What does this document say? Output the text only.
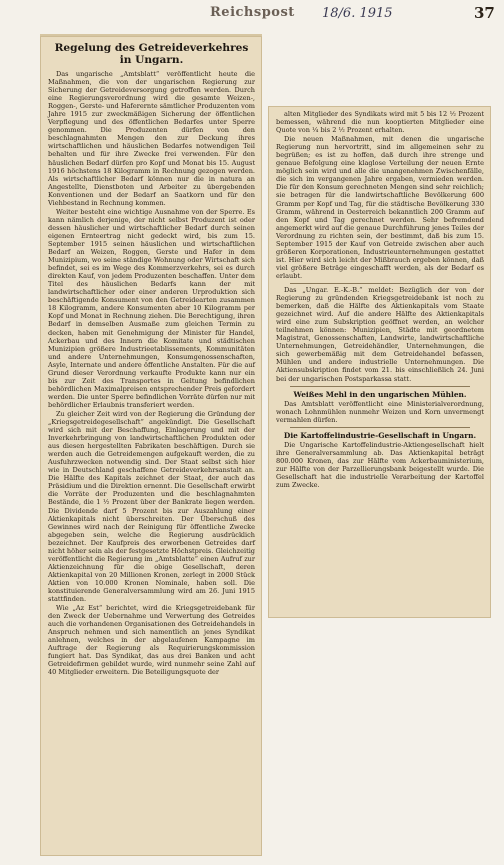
Reichspost 18/6. 1915	37
Regelung des Getreideverkehres in Ungarn.

Das ungarische „Amtsblatt“ veröffentlicht heute die Maßnahmen, die von der ungarischen Regierung zur Sicherung der Getreideversorgung getroffen werden. Durch eine Regierungsverordnung wird die gesamte Weizen-, Roggen-, Gerste- und Haferernte sämtlicher Produzenten vom Jahre 1915 zur zweckmäßigen Sicherung der öffentlichen Verpflegung und des öffentlichen Bedarfes unter Sperre genommen. Die Produzenten dürfen von den beschlagnahmten Mengen den zur Deckung ihres wirtschaftlichen und häuslichen Bedarfes notwendigen Teil behalten und für ihre Zwecke frei verwenden. Für den häuslichen Bedarf dürfen pro Kopf und Monat bis 15. August 1916 höchstens 18 Kilogramm in Rechnung gezogen werden. Als wirtschaftlicher Bedarf können nur die in natura an Angestellte, Dienstboten und Arbeiter zu übergebenden Konventionen und der Bedarf an Saatkorn und für den Viehbestand in Rechnung kommen.

Weiter besteht eine wichtige Ausnahme von der Sperre. Es kann nämlich derjenige, der nicht selbst Produzent ist oder dessen häuslicher und wirtschaftlicher Bedarf durch seinen eigenen Ernteertrag nicht gedeckt wird, bis zum 15. September 1915 seinen häuslichen und wirtschaftlichen Bedarf an Weizen, Roggen, Gerste und Hafer in dem Munizipium, wo seine ständige Wohnung oder Wirtschaft sich befindet, sei es im Wege des Kommerzverkehrs, sei es durch direkten Kauf, von jedem Produzenten beschaffen. Unter dem Titel des häuslichen Bedarfs kann der mit landwirtschaftlicher oder einer anderen Urproduktion sich beschäftigende Konsument von den Getreidearten zusammen 18 Kilogramm, andere Konsumenten aber 10 Kilogramm per Kopf und Monat in Rechnung ziehen. Die Berechtigung, ihren Bedarf in demselben Ausmaße zum gleichen Termin zu decken, haben mit Genehmigung der Minister für Handel, Ackerbau und des Innern die Komitate und städtischen Munizipien größere Industrieetablissements, Kommunitäten und andere Unternehmungen, Konsumgenossenschaften, Asyle, Internate und andere öffentliche Anstalten. Für die auf Grund dieser Verordnung verkaufte Produkte kann nur ein bis zur Zeit des Transportes in Geltung befindlichen behördlichen Maximalpreisen entsprechender Preis gefordert werden. Die unter Sperre befindlichen Vorräte dürfen nur mit behördlicher Erlaubnis transferiert werden.

Zu gleicher Zeit wird von der Regierung die Gründung der „Kriegsgetreidegesellschaft“ angekündigt. Die Gesellschaft wird sich mit der Beschaffung, Einlagerung und mit der Inverkehrbringung von landwirtschaftlichen Produkten oder aus diesen hergestellten Fabrikaten beschäftigen. Durch sie werden auch die Getreidemengen aufgekauft werden, die zu Ausfuhrzwecken notwendig sind. Der Staat selbst sich hier wie in Deutschland geschaffene Getreideverkehrsanstalt an. Die Hälfte des Kapitals zeichnet der Staat, der auch das Präsidium und die Direktion ernennt. Die Gesellschaft erwirbt die Vorräte der Produzenten und die beschlagnahmten Bestände, die 1 ½ Prozent über der Bankrate liegen werden. Die Dividende darf 5 Prozent bis zur Auszahlung einer Aktienkapitals nicht überschreiten. Der Überschuß des Gewinnes wird nach der Reinigung für öffentliche Zwecke abgegeben sein, welche die Regierung ausdrücklich bezeichnet. Der Kaufpreis des erworbenen Getreides darf nicht höher sein als der festgesetzte Höchstpreis. Gleichzeitig veröffentlicht die Regierung im „Amtsblatte“ einen Aufruf zur Aktienzeichnung für die obige Gesellschaft, deren Aktienkapital von 20 Millionen Kronen, zerlegt in 2000 Stück Aktien von 10.000 Kronen Nominale, haben soll. Die konstituierende Generalversammlung wird am 26. Juni 1915 stattfinden.

Wie „Az Est“ berichtet, wird die Kriegsgetreidebank für den Zweck der Uebernahme und Verwertung des Getreides auch die vorhandenen Organisationen des Getreidehandels in Anspruch nehmen und sich namentlich an jenes Syndikat anlehnen, welches in der abgelaufenen Kampagne im Auftrage der Regierung als Requirierungskommission fungiert hat. Das Syndikat, das aus drei Banken und acht Getreidefirmen gebildet wurde, wird nunmehr seine Zahl auf 40 Mitglieder erweitern. Die Beteiligungsquote der

alten Mitglieder des Syndikats wird mit 5 bis 12 ½ Prozent bemessen, während die nun kooptierten Mitglieder eine Quote von ¼ bis 2 ½ Prozent erhalten.

Die neuen Maßnahmen, mit denen die ungarische Regierung nun hervortritt, sind im allgemeinen sehr zu begrüßen; es ist zu hoffen, daß durch ihre strenge und genaue Befolgung eine klaglose Verteilung der neuen Ernte möglich sein wird und alle die unangenehmen Zwischenfälle, die sich im vergangenen Jahre ergaben, vermieden werden. Die für den Konsum gerechneten Mengen sind sehr reichlich; sie betragen für die landwirtschaftliche Bevölkerung 600 Gramm per Kopf und Tag, für die städtische Bevölkerung 330 Gramm, während in Oesterreich bekanntlich 200 Gramm auf den Kopf und Tag gerechnet werden. Sehr befremdend angemerkt wird auf die genaue Durchführung jenes Teiles der Verordnung zu richten sein, der bestimmt, daß bis zum 15. September 1915 der Kauf von Getreide zwischen aber auch größeren Korporationen, Industrieunternehmungen gestattet ist. Hier wird sich leicht der Mißbrauch ergeben können, daß viel größere Beträge eingeschafft werden, als der Bedarf es erlaubt.

Das „Ungar. E.-K.-B.“ meldet: Bezüglich der von der Regierung zu gründenden Kriegsgetreidebank ist noch zu bemerken, daß die Hälfte des Aktienkapitals vom Staate gezeichnet wird. Auf die andere Hälfte des Aktienkapitals wird eine zum Subskription geöffnet werden, an welcher teilnehmen können: Munizipien, Städte mit geordnetem Magistrat, Genossenschaften, Landwirte, landwirtschaftliche Unternehmungen, Getreidehändler, Unternehmungen, die sich gewerbemäßig mit dem Getreidehandel befassen, Mühlen und andere industrielle Unternehmungen. Die Aktiensubskription findet vom 21. bis einschließlich 24. Juni bei der ungarischen Postsparkassa statt.

Weißes Mehl in den ungarischen Mühlen.

Das Amtsblatt veröffentlicht eine Ministerialverordnung, wonach Lohnmühlen nunmehr Weizen und Korn unvermengt vermahlen dürfen.

Die Kartoffelindustrie-Gesellschaft in Ungarn.

Die Ungarische Kartoffelindustrie-Aktiengesellschaft hielt ihre Generalversammlung ab. Das Aktienkapital beträgt 800.000 Kronen, das zur Hälfte vom Ackerbauministerium, zur Hälfte von der Parzellierungsbank beigestellt wurde. Die Gesellschaft hat die industrielle Verarbeitung der Kartoffel zum Zwecke.
